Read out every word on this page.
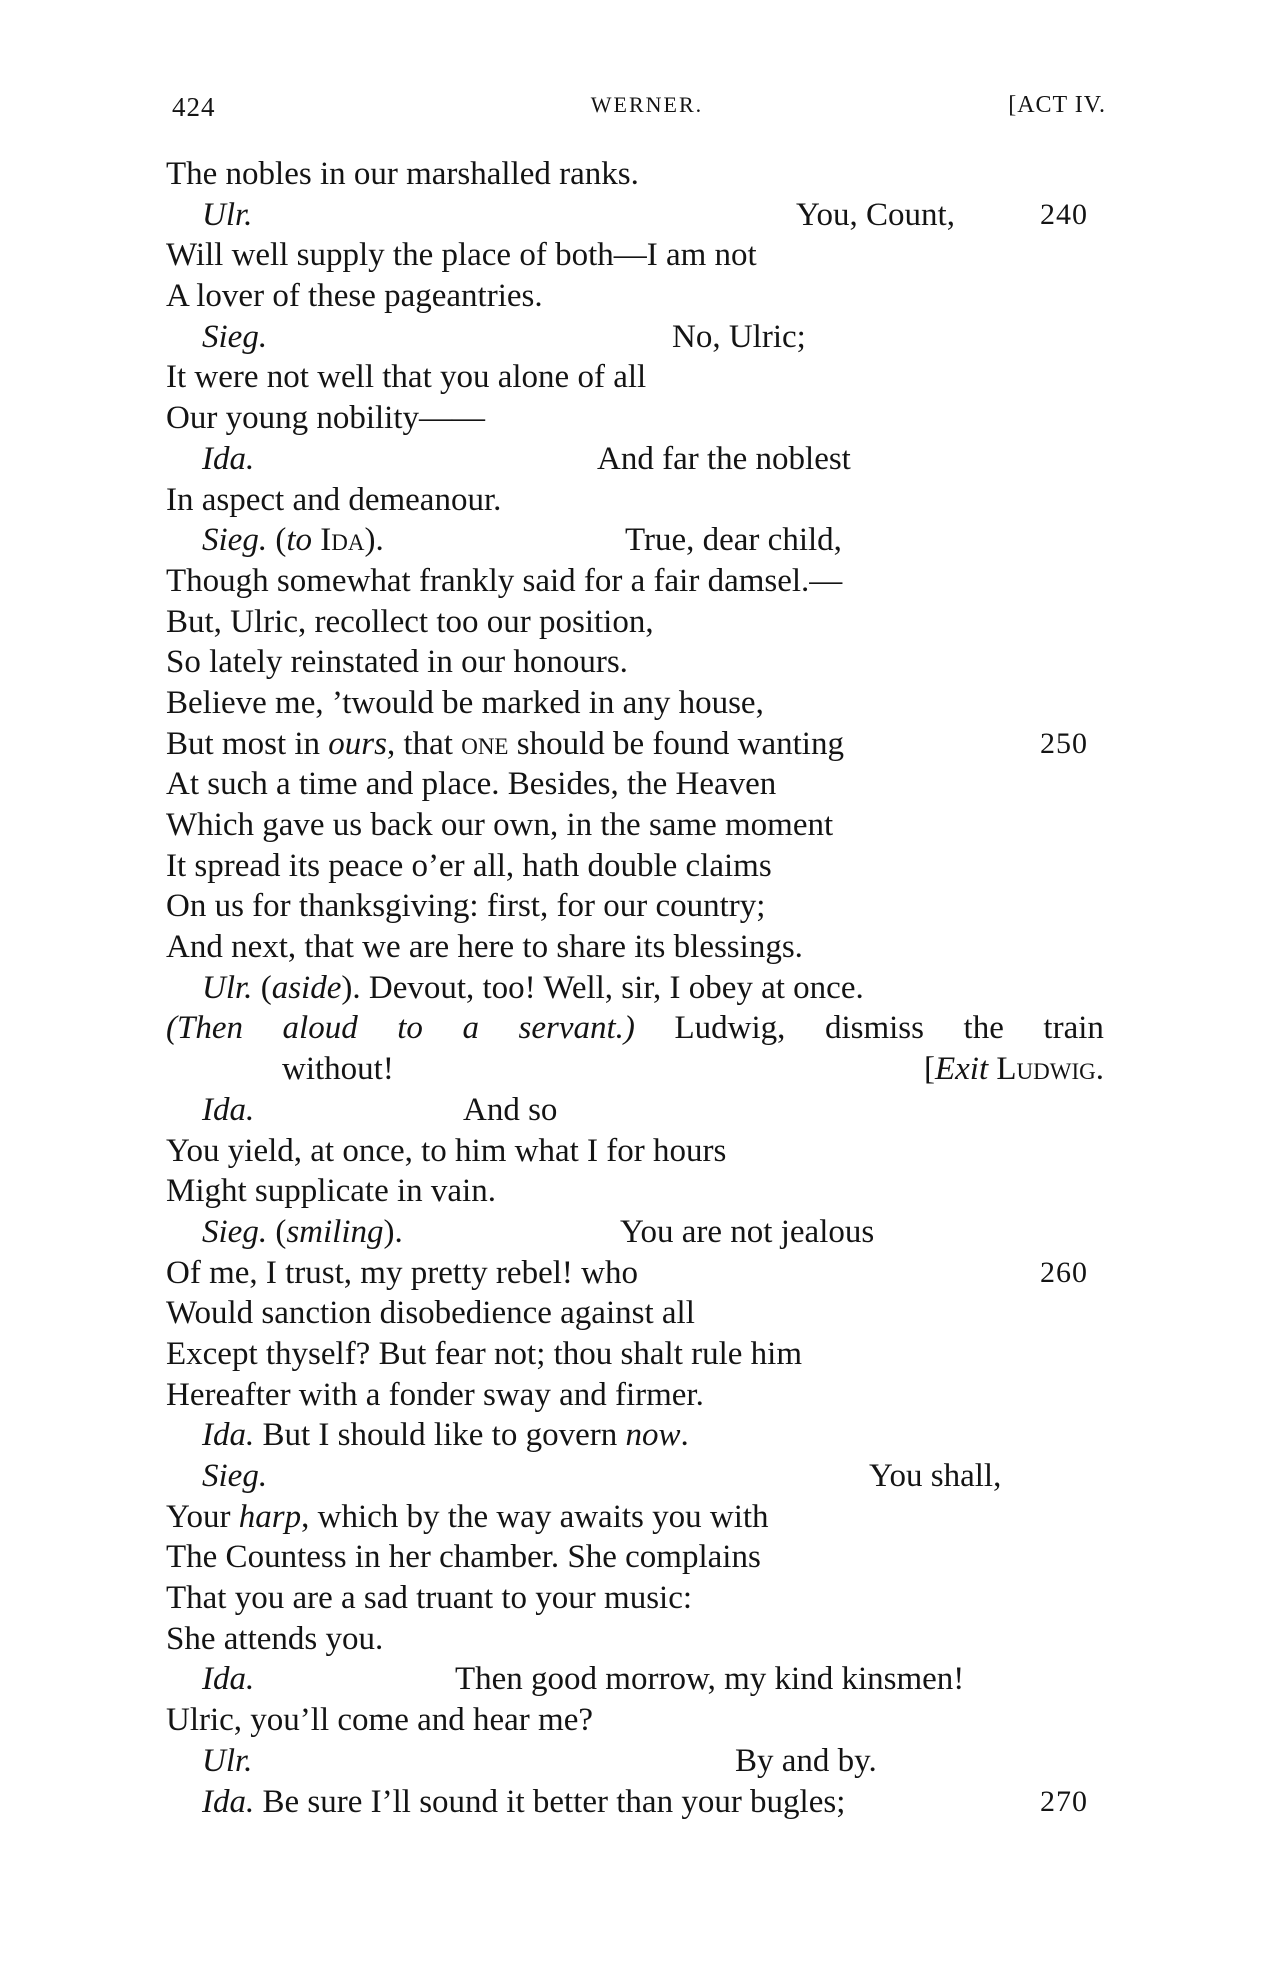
424	WERNER.	[ACT IV.
The nobles in our marshalled ranks.
Ulr.	You, Count,	240
Will well supply the place of both—I am not
A lover of these pageantries.
Sieg.	No, Ulric;
It were not well that you alone of all
Our young nobility——
Ida.	And far the noblest
In aspect and demeanour.
Sieg. (to Ida).	True, dear child,
Though somewhat frankly said for a fair damsel.—
But, Ulric, recollect too our position,
So lately reinstated in our honours.
Believe me, ’twould be marked in any house,
But most in ours, that one should be found wanting	250
At such a time and place. Besides, the Heaven
Which gave us back our own, in the same moment
It spread its peace o’er all, hath double claims
On us for thanksgiving: first, for our country;
And next, that we are here to share its blessings.
Ulr. (aside). Devout, too! Well, sir, I obey at once.
(Then aloud to a servant.) Ludwig, dismiss the train
without!	[Exit Ludwig.
Ida.	And so
You yield, at once, to him what I for hours
Might supplicate in vain.
Sieg. (smiling).	You are not jealous
Of me, I trust, my pretty rebel! who	260
Would sanction disobedience against all
Except thyself? But fear not; thou shalt rule him
Hereafter with a fonder sway and firmer.
Ida. But I should like to govern now.
Sieg.	You shall,
Your harp, which by the way awaits you with
The Countess in her chamber. She complains
That you are a sad truant to your music:
She attends you.
Ida.	Then good morrow, my kind kinsmen!
Ulric, you’ll come and hear me?
Ulr.	By and by.
Ida. Be sure I’ll sound it better than your bugles;	270
